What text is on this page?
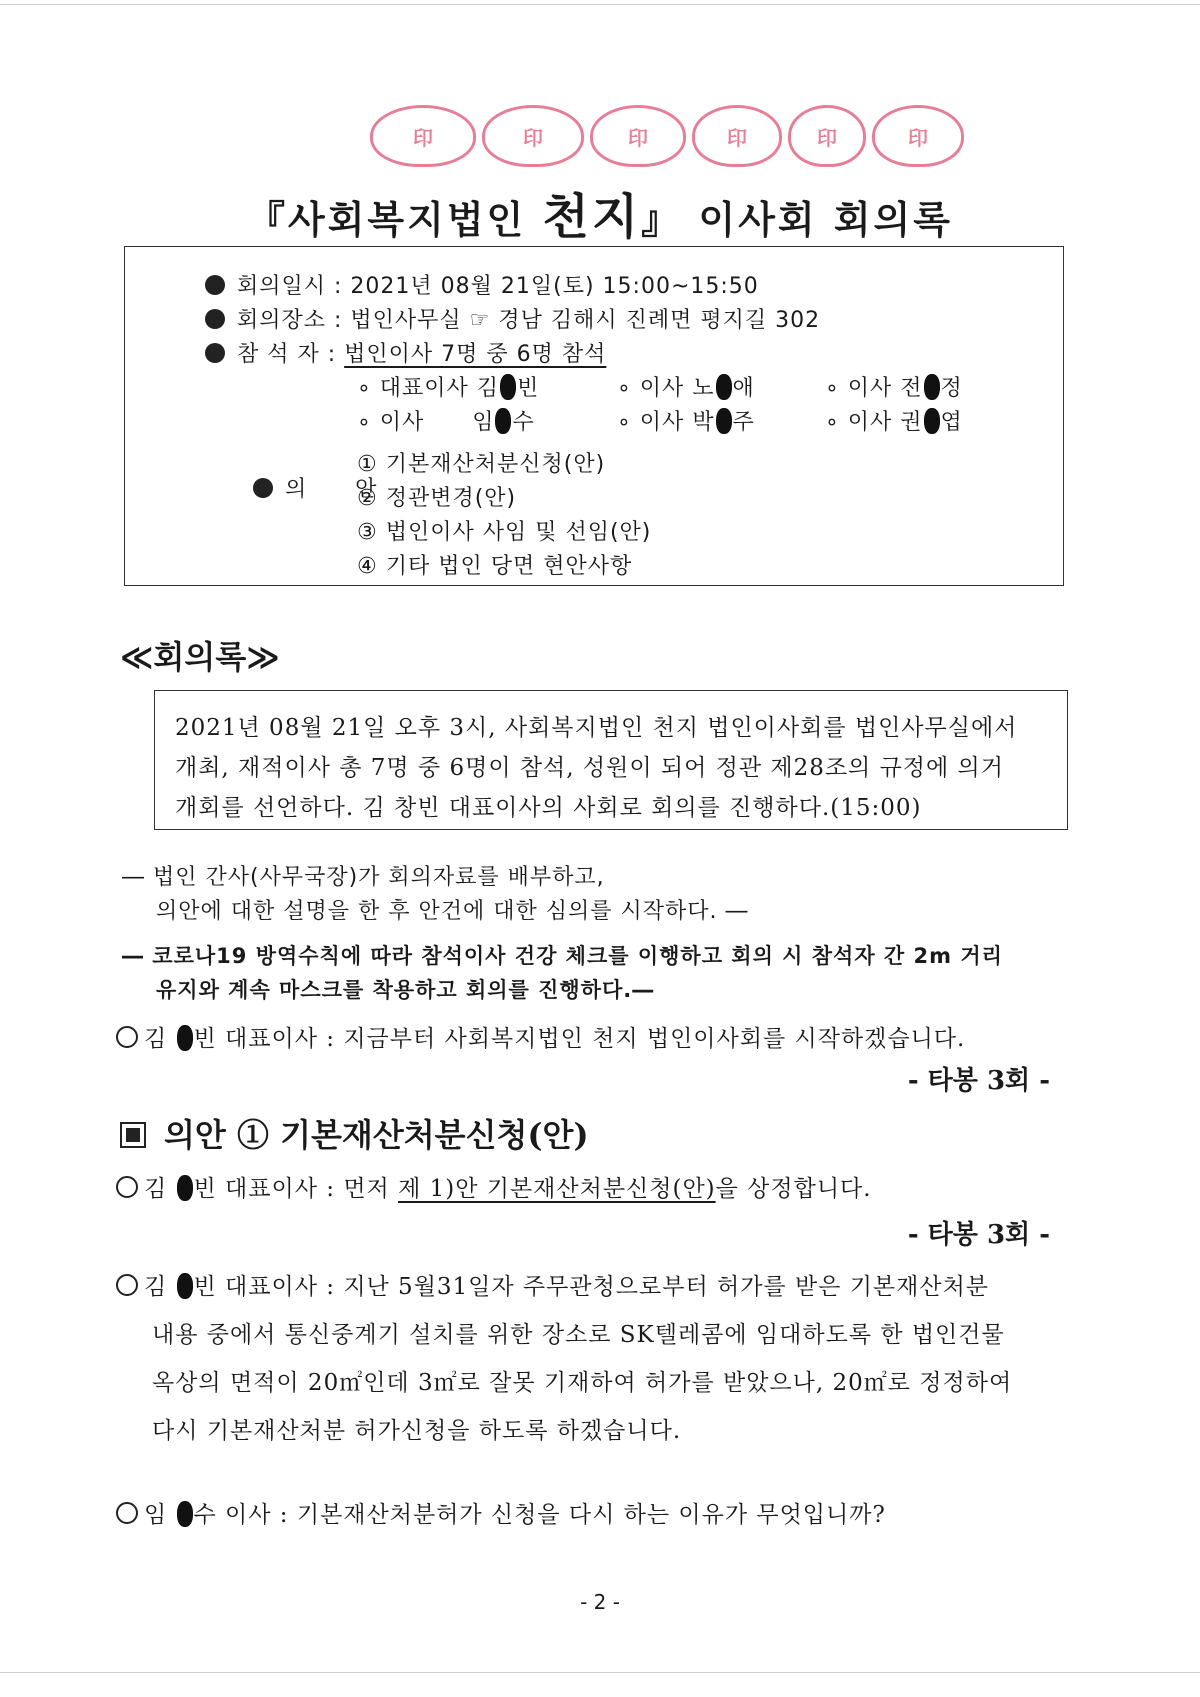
印	印	印	印	印	印
『사회복지법인 천지』 이사회 회의록
회의일시 : 2021년 08월 21일(토) 15:00~15:50
회의장소 : 법인사무실 ☞ 경남 김해시 진례면 평지길 302
참 석 자 : 법인이사 7명 중 6명 참석
∘ 대표이사 김 빈	∘ 이사 노 애	∘ 이사 전 정
∘ 이사      임 수	∘ 이사 박 주	∘ 이사 권 엽

의      안

① 기본재산처분신청(안)
② 정관변경(안)
③ 법인이사 사임 및 선임(안)
④ 기타 법인 당면 현안사항
≪회의록≫
2021년 08월 21일 오후 3시, 사회복지법인 천지 법인이사회를 법인사무실에서
개최, 재적이사 총 7명 중 6명이 참석, 성원이 되어 정관 제28조의 규정에 의거
개회를 선언하다. 김 창빈 대표이사의 사회로 회의를 진행하다.(15:00)
― 법인 간사(사무국장)가 회의자료를 배부하고,
의안에 대한 설명을 한 후 안건에 대한 심의를 시작하다. ―
― 코로나19 방역수칙에 따라 참석이사 건강 체크를 이행하고 회의 시 참석자 간 2m 거리
유지와 계속 마스크를 착용하고 회의를 진행하다.―
김 빈 대표이사 : 지금부터 사회복지법인 천지 법인이사회를 시작하겠습니다.
- 타봉 3회 -
의안 ① 기본재산처분신청(안)
김 빈 대표이사 : 먼저 제 1)안 기본재산처분신청(안)을 상정합니다.
- 타봉 3회 -
김 빈 대표이사 : 지난 5월31일자 주무관청으로부터 허가를 받은 기본재산처분
내용 중에서 통신중계기 설치를 위한 장소로 SK텔레콤에 임대하도록 한 법인건물
옥상의 면적이 20㎡인데 3㎡로 잘못 기재하여 허가를 받았으나, 20㎡로 정정하여
다시 기본재산처분 허가신청을 하도록 하겠습니다.
임 수 이사 : 기본재산처분허가 신청을 다시 하는 이유가 무엇입니까?
- 2 -
